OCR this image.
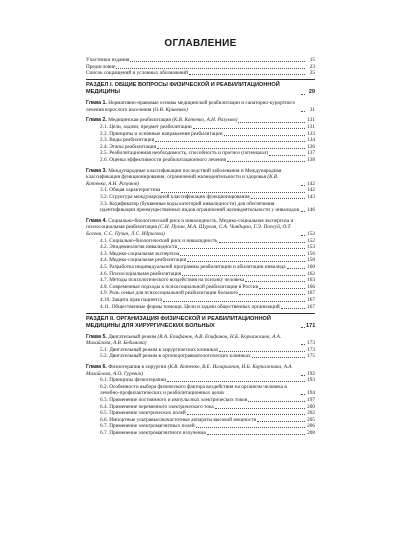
ОГЛАВЛЕНИЕ
Участники издания	15
Предисловие	23
Список сокращений и условных обозначений	25
РАЗДЕЛ I. ОБЩИЕ ВОПРОСЫ ФИЗИЧЕСКОЙ И РЕАБИЛИТАЦИОННОЙ МЕДИЦИНЫ	29
Глава 1. Нормативно-правовые основы медицинской реабилитации и санаторно-курортного лечения взрослого населения (О.В. Кривенко)	31
Глава 2. Медицинская реабилитация (К.В. Котенко, А.Н. Разумов)	131
2.1. Цели, задачи, предмет реабилитации	131
2.2. Принципы и основные направления реабилитации	133
2.3. Виды реабилитации	134
2.4. Этапы реабилитации	136
2.5. Реабилитационная необходимость, способность и прогноз (потенциал)	137
2.6. Оценка эффективности реабилитационного лечения	138
Глава 3. Международные классификации последствий заболевания и Международная классификация функционирования, ограничений жизнедеятельности и здоровья (К.В. Котенко, А.Н. Разумов)	142
3.1. Общая характеристика	142
3.2. Структура международной классификации функционирования	143
3.3. Кодификатор (буквенные коды категорий инвалидности) для обеспечения идентификации преимущественных видов ограничений жизнедеятельности у инвалидов 146
Глава 4. Социально-биологический риск и инвалидность. Медико-социальная экспертиза и психосоциальная реабилитация (С.Н. Пузин, М.А. Шургая, С.А. Чандирли, Г.Э. Попсуй, О.Т. Богова, С.С. Пузин, Л.С. Идрисова)	152
4.1. Социально-биологический риск и инвалидность	152
4.2. Эпидемиология инвалидности	153
4.3. Медико-социальная экспертиза	156
4.4. Медико-социальная реабилитация	158
4.5. Разработка индивидуальной программы реабилитации и абилитации инвалида	160
4.6. Психосоциальная реабилитация	162
4.7. Методы психологического воздействия на психику человека	163
4.8. Современные подходы к психосоциальной реабилитации в России	166
4.9. Роль семьи для психосоциальной реабилитации больного	167
4.10. Защита прав пациента	167
4.11. Общественные формы помощи. Цели и задачи общественных организаций	167
РАЗДЕЛ II. ОРГАНИЗАЦИЯ ФИЗИЧЕСКОЙ И РЕАБИЛИТАЦИОННОЙ МЕДИЦИНЫ ДЛЯ ХИРУРГИЧЕСКИХ БОЛЬНЫХ	171
Глава 5. Двигательный режим (В.А. Епифанов, А.В. Епифанов, Н.Б. Корчажкина, А.А. Михайлова, А.В. Бедимова)	173
5.1. Двигательный режим в хирургических клиниках	173
5.2. Двигательный режим в ортопедотравматологических клиниках	175
Глава 6. Физиотерапия в хирургии (К.В. Котенко, В.Е. Илларионов, Н.Б. Корчажкина, А.А. Михайлова, А.О. Гуревич)	192
6.1. Принципы физиотерапии	193
6.2. Особенности выбора физического фактора воздействия на организм человека в лечебно-профилактических и реабилитационных целях	194
6.3. Применение постоянного и импульсных электрических токов	197
6.4. Применение переменного электрического тока	200
6.5. Применение электрических полей	202
6.6. Импортные ультравысокочастотные аппараты высокой мощности	205
6.7. Применение электромагнитных полей	206
6.7. Применение электромагнитного излучения	208
